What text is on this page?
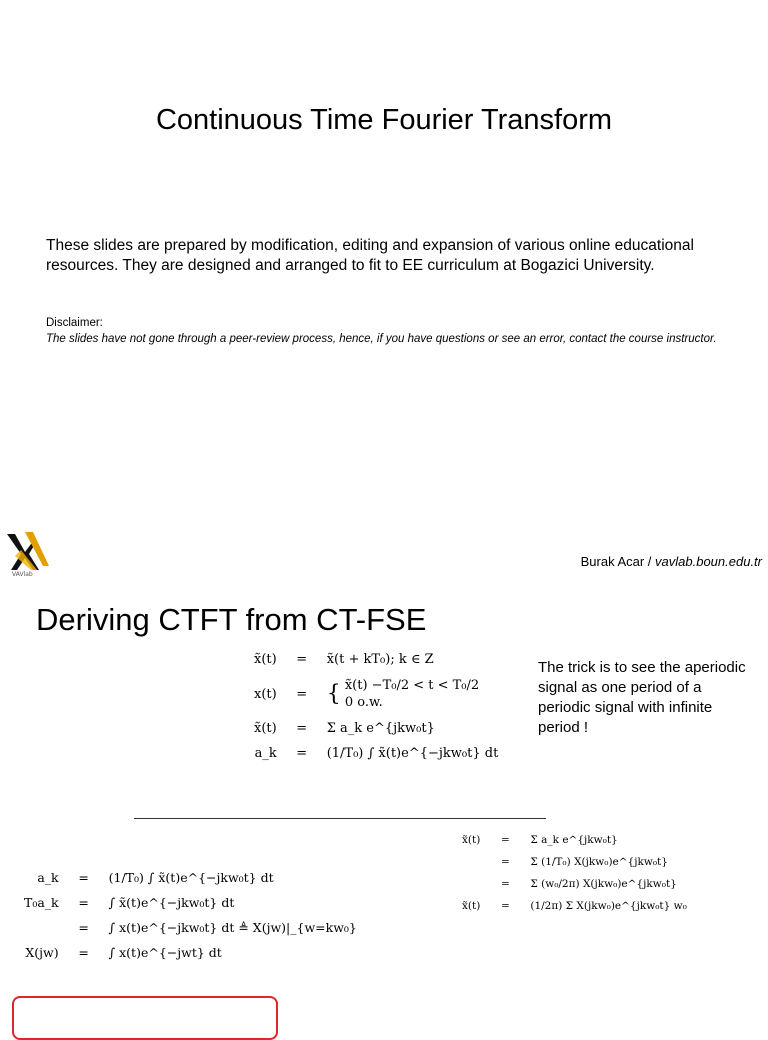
Continuous Time Fourier Transform

These slides are prepared by modification, editing and expansion of various online educational resources. They are designed and arranged to fit to EE curriculum at Bogazici University.

Disclaimer:

The slides have not gone through a peer-review process, hence, if you have questions or see an error, contact the course instructor.

VAVlab

Burak Acar / vavlab.boun.edu.tr

Deriving CTFT from CT-FSE

The trick is to see the aperiodic signal as one period of a periodic signal with infinite period !

x̃(t)	=	x̃(t + kT₀); k ∈ Z
x(t)	=	{ x̃(t) −T₀/2 < t < T₀/2
0 o.w.
x̃(t)	=	Σ a_k e^{jkw₀t}
a_k	=	(1/T₀) ∫ x̃(t)e^{−jkw₀t} dt
a_k	=	(1/T₀) ∫ x̃(t)e^{−jkw₀t} dt
T₀a_k	=	∫ x̃(t)e^{−jkw₀t} dt
	=	∫ x(t)e^{−jkw₀t} dt ≜ X(jw)|_{w=kw₀}
X(jw)	=	∫ x(t)e^{−jwt} dt
x̃(t)	=	Σ a_k e^{jkw₀t}
	=	Σ (1/T₀) X(jkw₀)e^{jkw₀t}
	=	Σ (w₀/2π) X(jkw₀)e^{jkw₀t}
x̃(t)	=	(1/2π) Σ X(jkw₀)e^{jkw₀t} w₀
